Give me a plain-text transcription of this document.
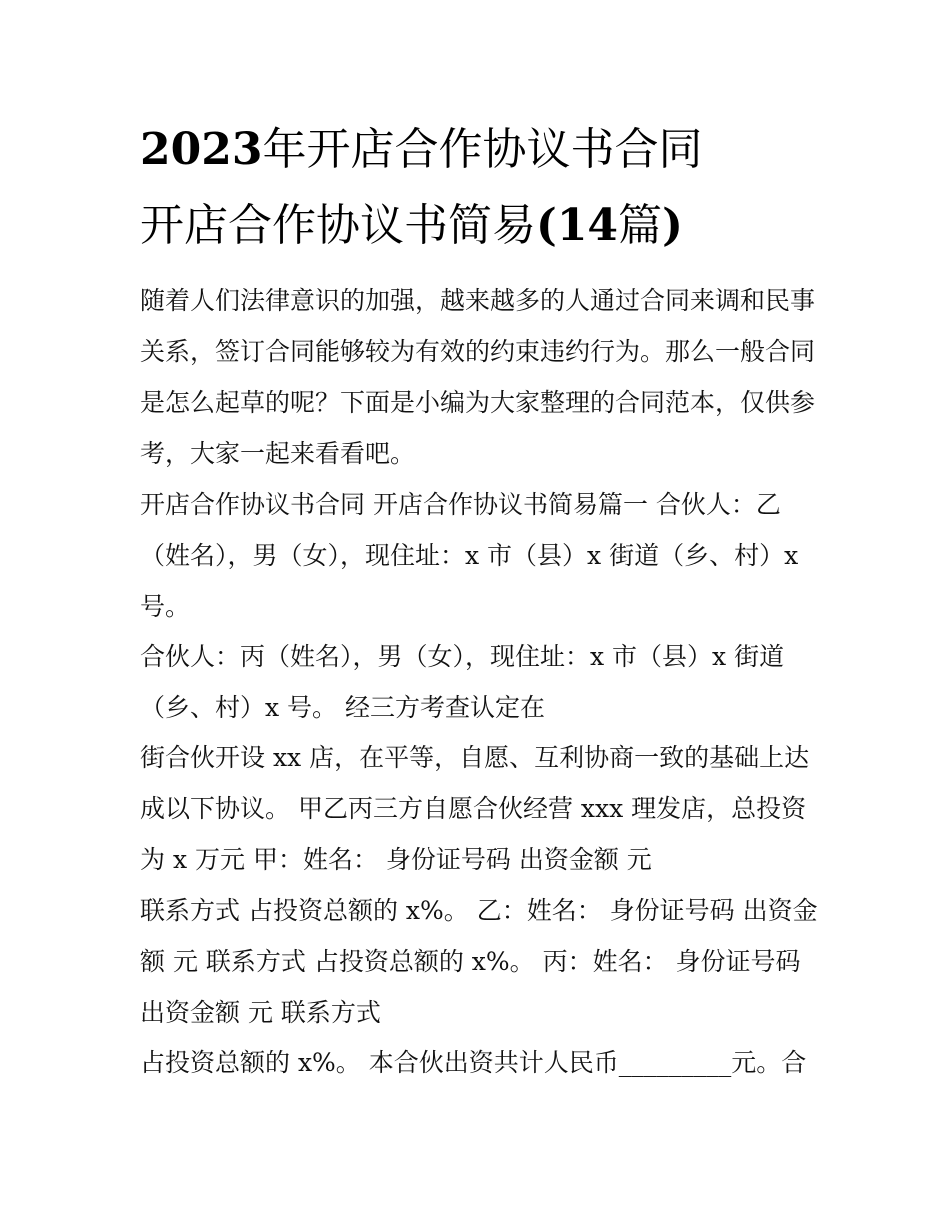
2023年开店合作协议书合同
开店合作协议书简易(14篇)
随着人们法律意识的加强，越来越多的人通过合同来调和民事
关系，签订合同能够较为有效的约束违约行为。那么一般合同
是怎么起草的呢？下面是小编为大家整理的合同范本，仅供参
考，大家一起来看看吧。
开店合作协议书合同 开店合作协议书简易篇一 合伙人：乙
（姓名），男（女），现住址：x 市（县）x 街道（乡、村）x
号。
合伙人：丙（姓名），男（女），现住址：x 市（县）x 街道
（乡、村）x 号。 经三方考查认定在
街合伙开设 xx 店，在平等，自愿、互利协商一致的基础上达
成以下协议。 甲乙丙三方自愿合伙经营 xxx 理发店，总投资
为 x 万元 甲：姓名： 身份证号码 出资金额 元
联系方式 占投资总额的 x%。 乙：姓名： 身份证号码 出资金
额 元 联系方式 占投资总额的 x%。 丙：姓名： 身份证号码
出资金额 元 联系方式
占投资总额的 x%。 本合伙出资共计人民币_________元。合
